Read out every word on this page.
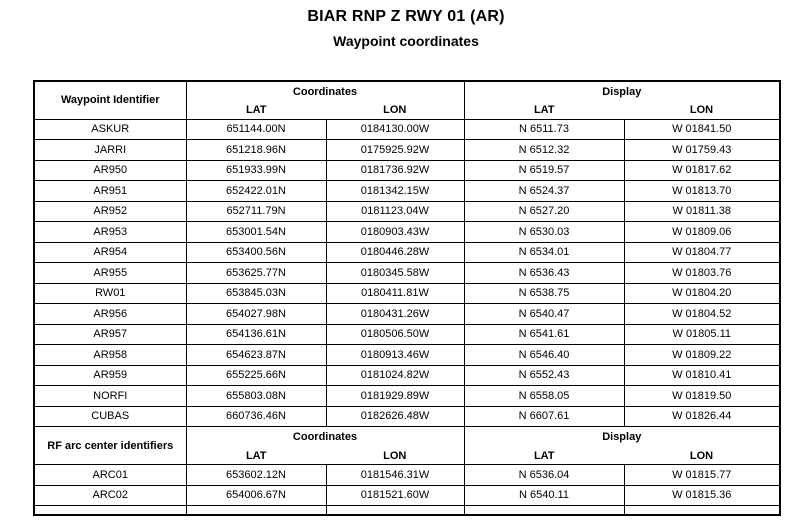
BIAR RNP Z RWY 01 (AR)
Waypoint coordinates
Waypoint Identifier	Coordinates		Display	
	LAT	LON	LAT	LON
ASKUR	651144.00N	0184130.00W	N 6511.73	W 01841.50
JARRI	651218.96N	0175925.92W	N 6512.32	W 01759.43
AR950	651933.99N	0181736.92W	N 6519.57	W 01817.62
AR951	652422.01N	0181342.15W	N 6524.37	W 01813.70
AR952	652711.79N	0181123.04W	N 6527.20	W 01811.38
AR953	653001.54N	0180903.43W	N 6530.03	W 01809.06
AR954	653400.56N	0180446.28W	N 6534.01	W 01804.77
AR955	653625.77N	0180345.58W	N 6536.43	W 01803.76
RW01	653845.03N	0180411.81W	N 6538.75	W 01804.20
AR956	654027.98N	0180431.26W	N 6540.47	W 01804.52
AR957	654136.61N	0180506.50W	N 6541.61	W 01805.11
AR958	654623.87N	0180913.46W	N 6546.40	W 01809.22
AR959	655225.66N	0181024.82W	N 6552.43	W 01810.41
NORFI	655803.08N	0181929.89W	N 6558.05	W 01819.50
CUBAS	660736.46N	0182626.48W	N 6607.61	W 01826.44
RF arc center identifiers	Coordinates		Display	
	LAT	LON	LAT	LON
ARC01	653602.12N	0181546.31W	N 6536.04	W 01815.77
ARC02	654006.67N	0181521.60W	N 6540.11	W 01815.36
